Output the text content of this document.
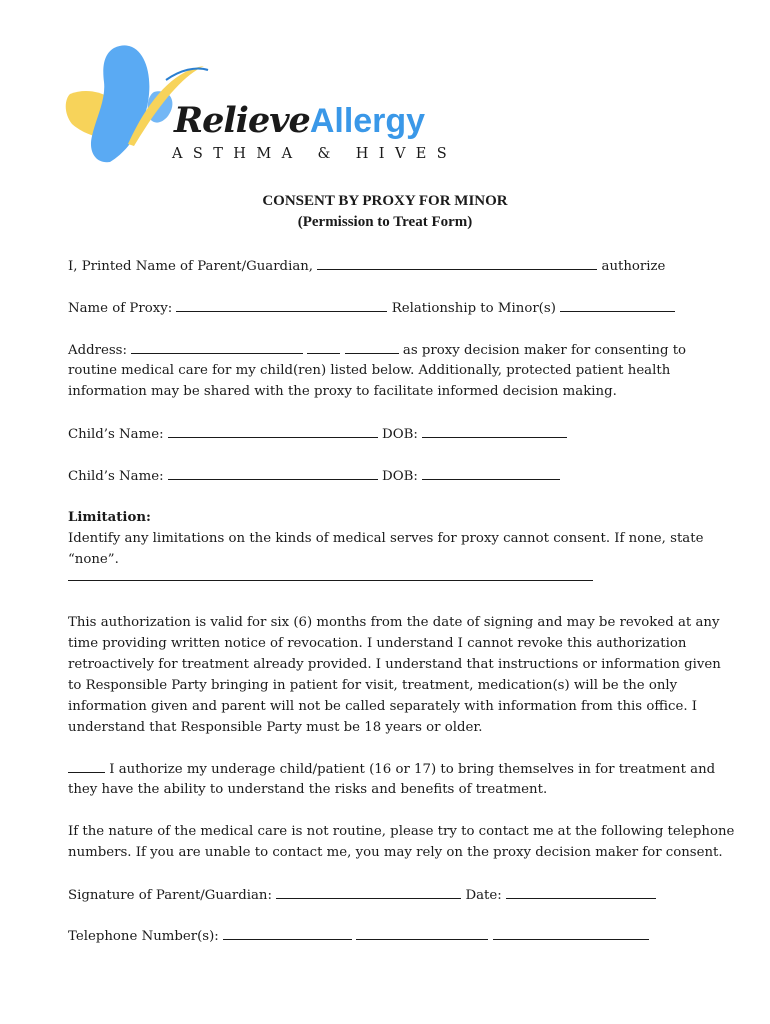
RelieveAllergy
ASTHMA & HIVES
CONSENT BY PROXY FOR MINOR
(Permission to Treat Form)
I, Printed Name of Parent/Guardian,	authorize
Name of Proxy:	Relationship to Minor(s)
Address:	as proxy decision maker for consenting to
routine medical care for my child(ren) listed below. Additionally, protected patient health
information may be shared with the proxy to facilitate informed decision making.
Child’s Name:	DOB:
Child’s Name:	DOB:
Limitation:
Identify any limitations on the kinds of medical serves for proxy cannot consent. If none, state
“none”.
This authorization is valid for six (6) months from the date of signing and may be revoked at any
time providing written notice of revocation. I understand I cannot revoke this authorization
retroactively for treatment already provided. I understand that instructions or information given
to Responsible Party bringing in patient for visit, treatment, medication(s) will be the only
information given and parent will not be called separately with information from this office. I
understand that Responsible Party must be 18 years or older.
I authorize my underage child/patient (16 or 17) to bring themselves in for treatment and
they have the ability to understand the risks and benefits of treatment.
If the nature of the medical care is not routine, please try to contact me at the following telephone
numbers. If you are unable to contact me, you may rely on the proxy decision maker for consent.
Signature of Parent/Guardian:	Date:
Telephone Number(s):
